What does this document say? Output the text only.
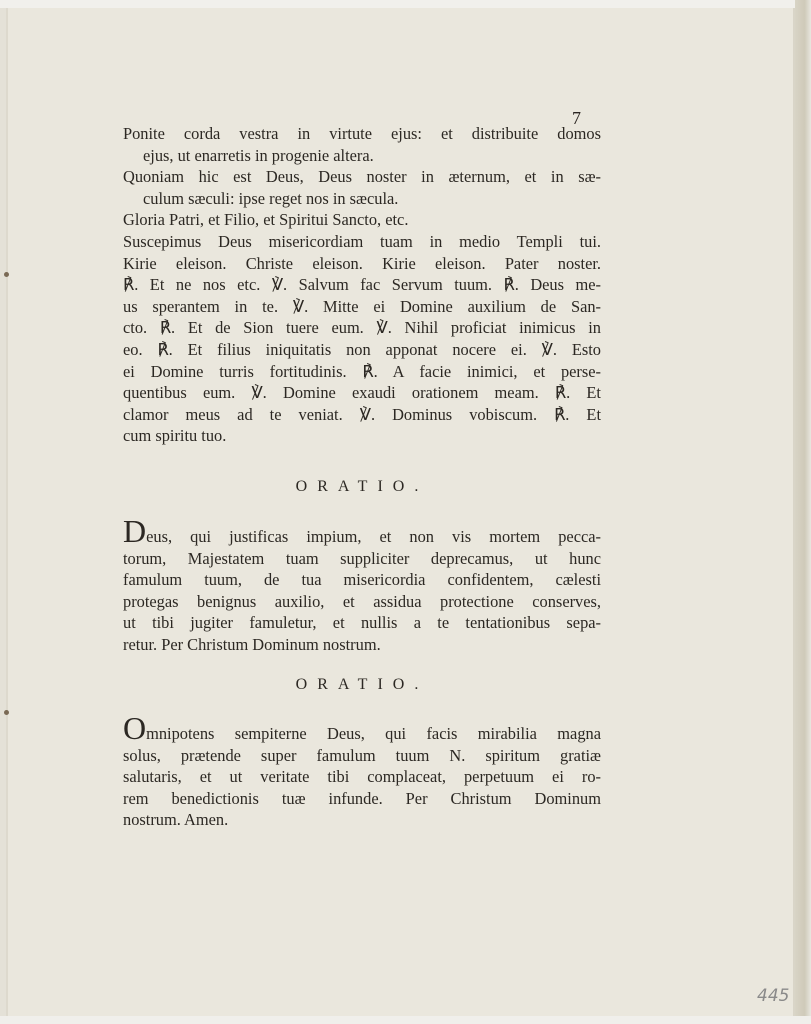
7
Ponite corda vestra in virtute ejus: et distribuite domos
ejus, ut enarretis in progenie altera.
Quoniam hic est Deus, Deus noster in æternum, et in sæ-
culum sæculi: ipse reget nos in sæcula.
Gloria Patri, et Filio, et Spiritui Sancto, etc.
Suscepimus Deus misericordiam tuam in medio Templi tui.
Kirie eleison. Christe eleison. Kirie eleison. Pater noster.
℟. Et ne nos etc. ℣. Salvum fac Servum tuum. ℟. Deus me-
us sperantem in te. ℣. Mitte ei Domine auxilium de San-
cto. ℟. Et de Sion tuere eum. ℣. Nihil proficiat inimicus in
eo. ℟. Et filius iniquitatis non apponat nocere ei. ℣. Esto
ei Domine turris fortitudinis. ℟. A facie inimici, et perse-
quentibus eum. ℣. Domine exaudi orationem meam. ℟. Et
clamor meus ad te veniat. ℣. Dominus vobiscum. ℟. Et
cum spiritu tuo.
ORATIO.
Deus, qui justificas impium, et non vis mortem pecca-
torum, Majestatem tuam suppliciter deprecamus, ut hunc
famulum tuum, de tua misericordia confidentem, cælesti
protegas benignus auxilio, et assidua protectione conserves,
ut tibi jugiter famuletur, et nullis a te tentationibus sepa-
retur. Per Christum Dominum nostrum.
ORATIO.
Omnipotens sempiterne Deus, qui facis mirabilia magna
solus, prætende super famulum tuum N. spiritum gratiæ
salutaris, et ut veritate tibi complaceat, perpetuum ei ro-
rem benedictionis tuæ infunde. Per Christum Dominum
nostrum. Amen.
445
